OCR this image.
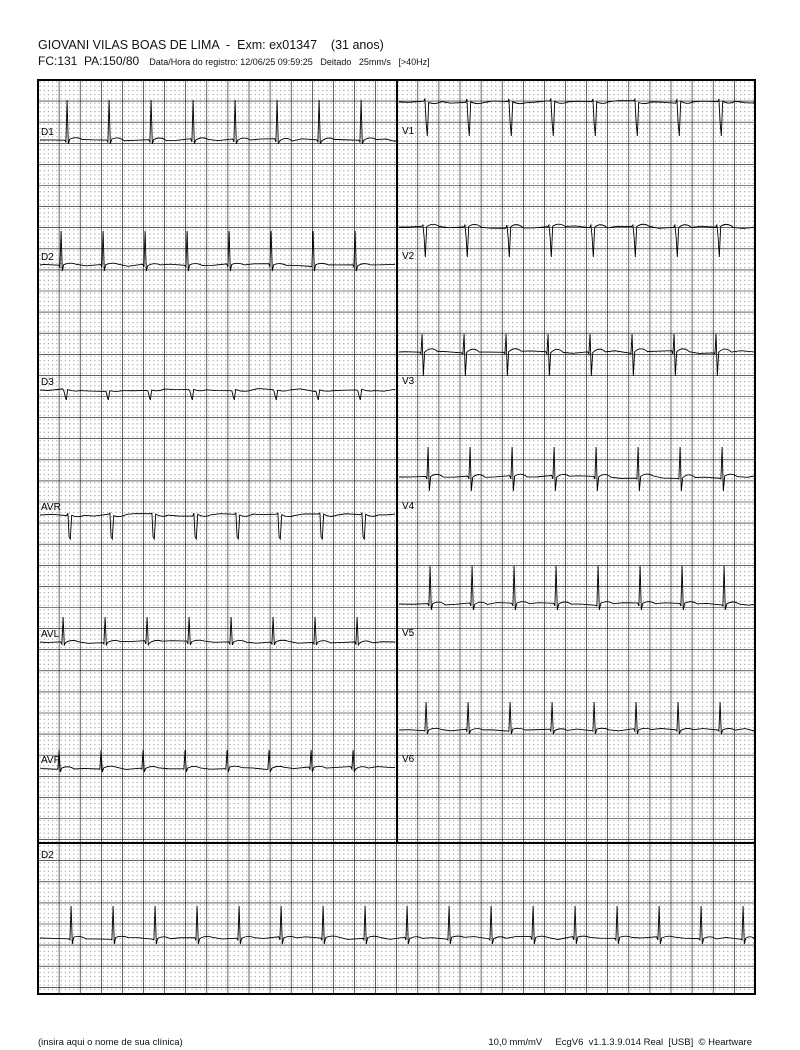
GIOVANI VILAS BOAS DE LIMA  -  Exm: ex01347    (31 anos)
FC:131  PA:150/80 Data/Hora do registro: 12/06/25 09:59:25   Deitado   25mm/s   [>40Hz]
D1
D2
D3
AVR
AVL
AVF
V1
V2
V3
V4
V5
V6
D2
(insira aqui o nome de sua clínica)	10,0 mm/mV     EcgV6  v1.1.3.9.014 Real  [USB]  © Heartware
